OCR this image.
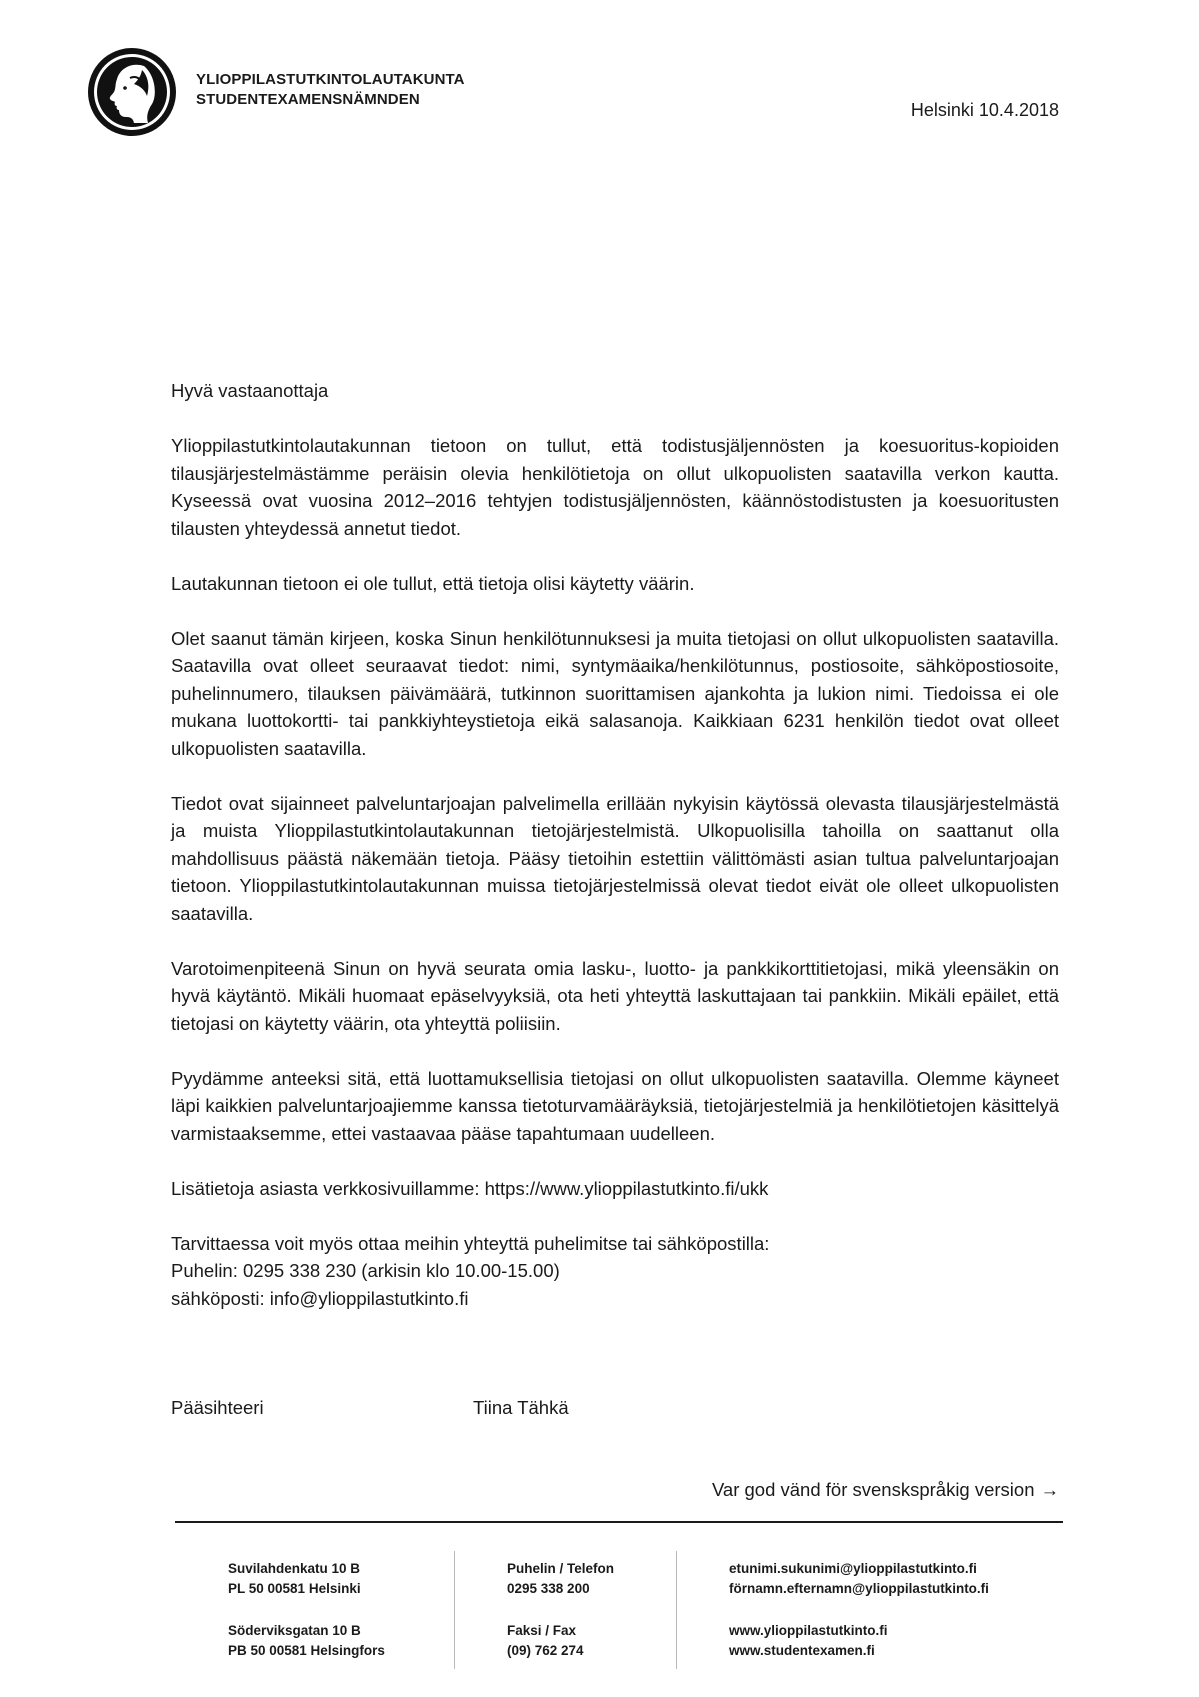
YLIOPPILASTUTKINTOLAUTAKUNTA
STUDENTEXAMENSNÄMNDEN
Helsinki 10.4.2018

Hyvä vastaanottaja

Ylioppilastutkintolautakunnan tietoon on tullut, että todistusjäljennösten ja koesuoritus-kopioiden tilausjärjestelmästämme peräisin olevia henkilötietoja on ollut ulkopuolisten saatavilla verkon kautta. Kyseessä ovat vuosina 2012–2016 tehtyjen todistusjäljennösten, käännöstodistusten ja koesuoritusten tilausten yhteydessä annetut tiedot.

Lautakunnan tietoon ei ole tullut, että tietoja olisi käytetty väärin.

Olet saanut tämän kirjeen, koska Sinun henkilötunnuksesi ja muita tietojasi on ollut ulkopuolisten saatavilla. Saatavilla ovat olleet seuraavat tiedot: nimi, syntymäaika/henkilötunnus, postiosoite, sähköpostiosoite, puhelinnumero, tilauksen päivämäärä, tutkinnon suorittamisen ajankohta ja lukion nimi. Tiedoissa ei ole mukana luottokortti- tai pankkiyhteystietoja eikä salasanoja. Kaikkiaan 6231 henkilön tiedot ovat olleet ulkopuolisten saatavilla.

Tiedot ovat sijainneet palveluntarjoajan palvelimella erillään nykyisin käytössä olevasta tilausjärjestelmästä ja muista Ylioppilastutkintolautakunnan tietojärjestelmistä. Ulkopuolisilla tahoilla on saattanut olla mahdollisuus päästä näkemään tietoja. Pääsy tietoihin estettiin välittömästi asian tultua palveluntarjoajan tietoon. Ylioppilastutkintolautakunnan muissa tietojärjestelmissä olevat tiedot eivät ole olleet ulkopuolisten saatavilla.

Varotoimenpiteenä Sinun on hyvä seurata omia lasku-, luotto- ja pankkikorttitietojasi, mikä yleensäkin on hyvä käytäntö. Mikäli huomaat epäselvyyksiä, ota heti yhteyttä laskuttajaan tai pankkiin. Mikäli epäilet, että tietojasi on käytetty väärin, ota yhteyttä poliisiin.

Pyydämme anteeksi sitä, että luottamuksellisia tietojasi on ollut ulkopuolisten saatavilla. Olemme käyneet läpi kaikkien palveluntarjoajiemme kanssa tietoturvamääräyksiä, tietojärjestelmiä ja henkilötietojen käsittelyä varmistaaksemme, ettei vastaavaa pääse tapahtumaan uudelleen.

Lisätietoja asiasta verkkosivuillamme: https://www.ylioppilastutkinto.fi/ukk

Tarvittaessa voit myös ottaa meihin yhteyttä puhelimitse tai sähköpostilla:

Puhelin: 0295 338 230 (arkisin klo 10.00-15.00)

sähköposti: info@ylioppilastutkinto.fi

Pääsihteeri	Tiina Tähkä
Var god vänd för svenskspråkig version →
Suvilahdenkatu 10 B
PL 50 00581 Helsinki
Söderviksgatan 10 B
PB 50 00581 Helsingfors
Puhelin / Telefon
0295 338 200
Faksi / Fax
(09) 762 274
etunimi.sukunimi@ylioppilastutkinto.fi
förnamn.efternamn@ylioppilastutkinto.fi
www.ylioppilastutkinto.fi
www.studentexamen.fi
